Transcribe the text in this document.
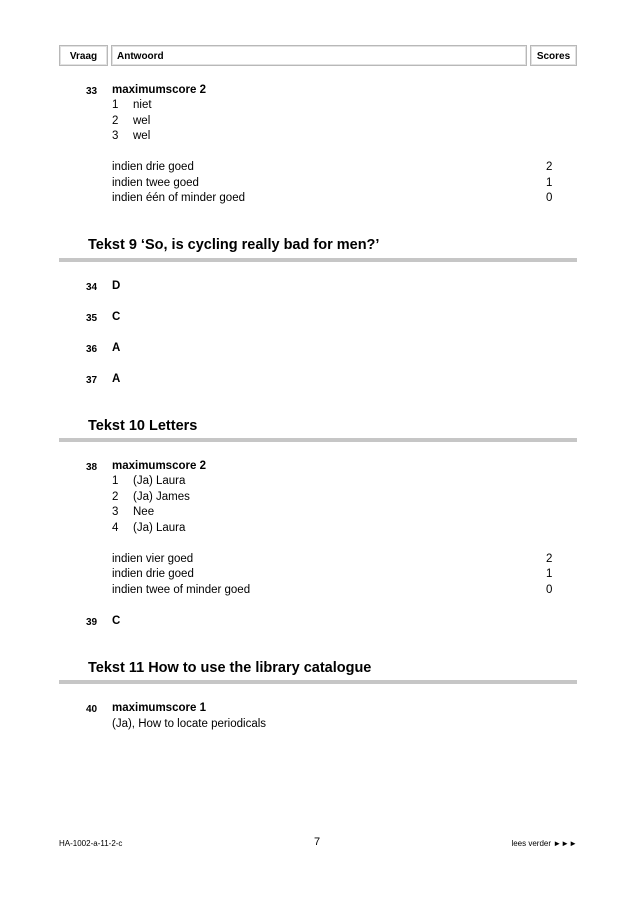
Vraag	Antwoord	Scores
33 maximumscore 2
1 niet
2 wel
3 wel
indien drie goed	2
indien twee goed	1
indien één of minder goed	0
Tekst 9 ‘So, is cycling really bad for men?’
34 D
35 C
36 A
37 A
Tekst 10 Letters
38 maximumscore 2
1 (Ja) Laura
2 (Ja) James
3 Nee
4 (Ja) Laura
indien vier goed	2
indien drie goed	1
indien twee of minder goed	0
39 C
Tekst 11 How to use the library catalogue
40 maximumscore 1
(Ja), How to locate periodicals
HA-1002-a-11-2-c	7	lees verder ►►►
